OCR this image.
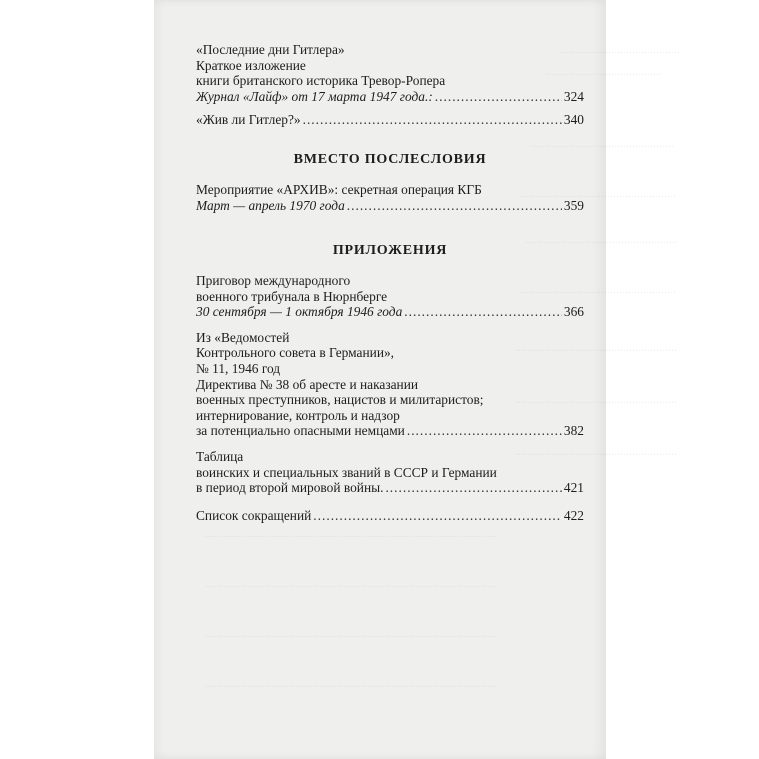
........................................
.......................................
................................................
....................................................
...................................................
....................................................
......................................................
......................................................
......................................................
.................................................................................................
.................................................................................................
.................................................................................................
.................................................................................................
«Последние дни Гитлера»
Краткое изложение
книги британского историка Тревор-Ропера
Журнал «Лайф» от 17 марта 1947 года.: .....	324
«Жив ли Гитлер?» .....	340
ВМЕСТО ПОСЛЕСЛОВИЯ
Мероприятие «АРХИВ»: секретная операция КГБ
Март — апрель 1970 года .....	359
ПРИЛОЖЕНИЯ
Приговор международного
военного трибунала в Нюрнберге
30 сентября — 1 октября 1946 года .....	366
Из «Ведомостей
Контрольного совета в Германии»,
№ 11, 1946 год
Директива № 38 об аресте и наказании
военных преступников, нацистов и милитаристов;
интернирование, контроль и надзор
за потенциально опасными немцами .....	382
Таблица
воинских и специальных званий в СССР и Германии
в период второй мировой войны. .....	421
Список сокращений .....	422
